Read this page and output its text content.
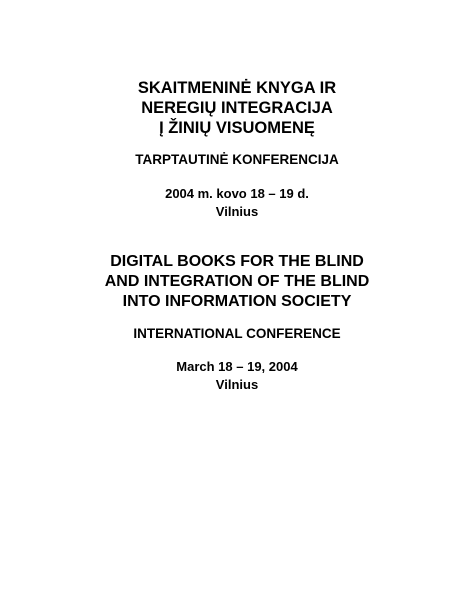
SKAITMENINĖ KNYGA IR
NEREGIŲ INTEGRACIJA
Į ŽINIŲ VISUOMENĘ
TARPTAUTINĖ KONFERENCIJA
2004 m. kovo 18 – 19 d.
Vilnius
DIGITAL BOOKS FOR THE BLIND
AND INTEGRATION OF THE BLIND
INTO INFORMATION SOCIETY
INTERNATIONAL CONFERENCE
March 18 – 19, 2004
Vilnius
